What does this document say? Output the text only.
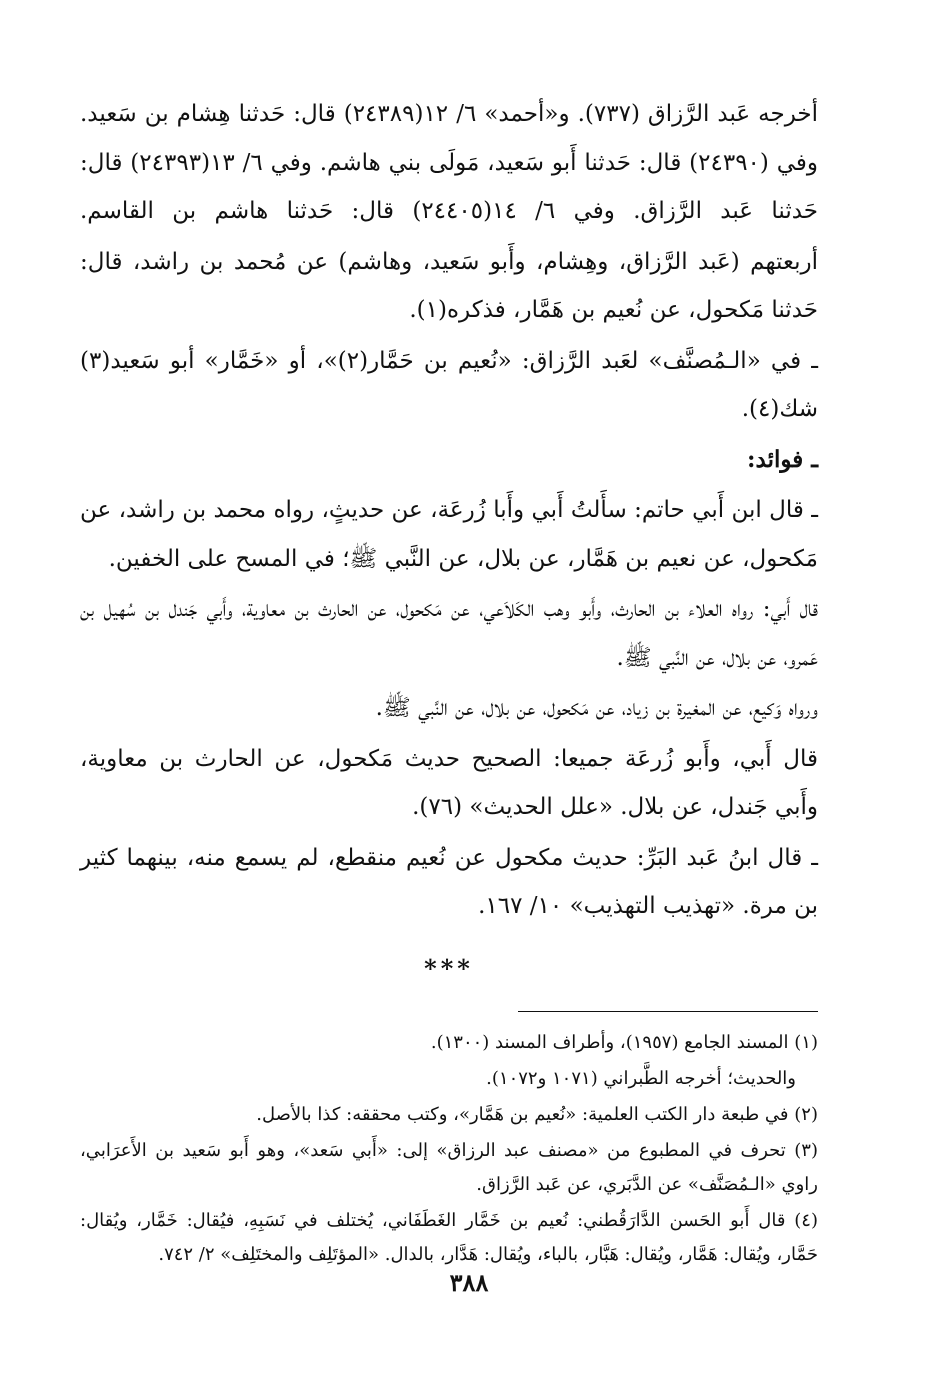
أخرجه عَبد الرَّزاق (٧٣٧). و«أحمد» ٦/ ١٢(٢٤٣٨٩) قال: حَدثنا هِشام بن سَعيد. وفي (٢٤٣٩٠) قال: حَدثنا أَبو سَعيد، مَولَى بني هاشم. وفي ٦/ ١٣(٢٤٣٩٣) قال: حَدثنا عَبد الرَّزاق. وفي ٦/ ١٤(٢٤٤٠٥) قال: حَدثنا هاشم بن القاسم.

أربعتهم (عَبد الرَّزاق، وهِشام، وأَبو سَعيد، وهاشم) عن مُحمد بن راشد، قال: حَدثنا مَكحول، عن نُعيم بن هَمَّار، فذكره(١).

ـ في «الـمُصنَّف» لعَبد الرَّزاق: «نُعيم بن حَمَّار(٢)»، أو «خَمَّار» أبو سَعيد(٣) شك(٤).

ـ فوائد:

ـ قال ابن أَبي حاتم: سأَلتُ أَبي وأَبا زُرعَة، عن حديثٍ، رواه محمد بن راشد، عن مَكحول، عن نعيم بن هَمَّار، عن بلال، عن النَّبي ﷺ؛ في المسح على الخفين.

قال أَبي: رواه العلاء بن الحارث، وأَبو وهب الكَلاَعي، عن مَكحول، عن الحارث بن معاوية، وأَبي جَندل بن سُهيل بن عَمرو، عن بلال، عن النَّبي ﷺ.

ورواه وَكيع، عن المغيرة بن زياد، عن مَكحول، عن بلال، عن النَّبي ﷺ.

قال أَبي، وأَبو زُرعَة جميعا: الصحيح حديث مَكحول، عن الحارث بن معاوية، وأَبي جَندل، عن بلال. «علل الحديث» (٧٦).

ـ قال ابنُ عَبد البَرِّ: حديث مكحول عن نُعيم منقطع، لم يسمع منه، بينهما كثير بن مرة. «تهذيب التهذيب» ١٠/ ١٦٧.

***

(١) المسند الجامع (١٩٥٧)، وأطراف المسند (١٣٠٠).

والحديث؛ أخرجه الطَّبراني (١٠٧١ و١٠٧٢).

(٢) في طبعة دار الكتب العلمية: «نُعيم بن هَمَّار»، وكتب محققه: كذا بالأصل.

(٣) تحرف في المطبوع من «مصنف عبد الرزاق» إلى: «أَبي سَعد»، وهو أَبو سَعيد بن الأَعرَابي، راوي «الـمُصَنَّف» عن الدَّبَري، عن عَبد الرَّزاق.

(٤) قال أَبو الحَسن الدَّارَقُطني: نُعيم بن خَمَّار الغَطَفَاني، يُختلف في نَسَبِهِ، فيُقال: خَمَّار، ويُقال: حَمَّار، ويُقال: هَمَّار، ويُقال: هَبَّار، بالباء، ويُقال: هَدَّار، بالدال. «المؤتَلِف والمختَلِف» ٢/ ٧٤٢.

٣٨٨
